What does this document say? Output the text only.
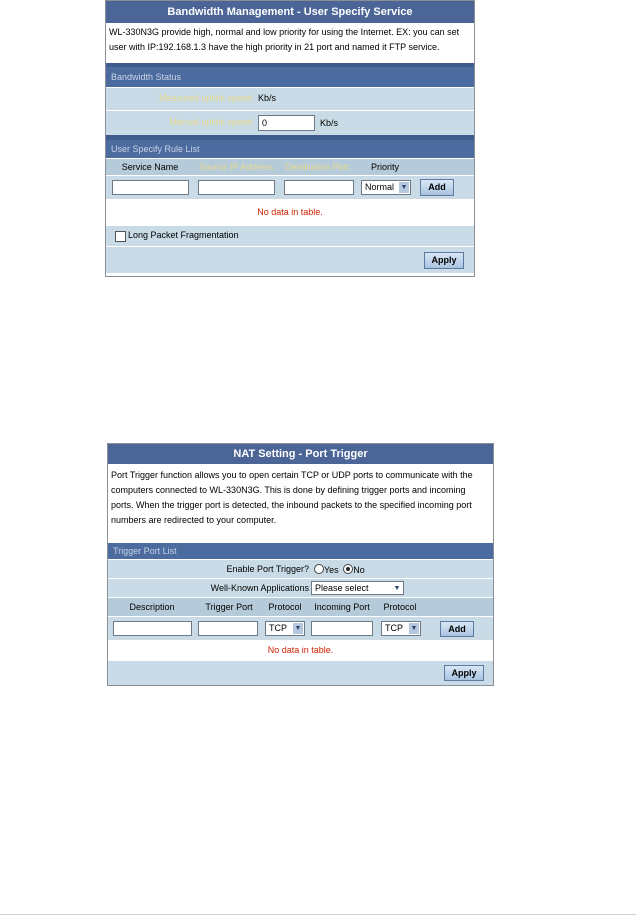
Bandwidth Management - User Specify Service
WL-330N3G provide high, normal and low priority for using the Internet. EX: you can set user with IP:192.168.1.3 have the high priority in 21 port and named it FTP service.
Bandwidth Status
Measured uplink speed Kb/s
Manual uplink speed	0	Kb/s
User Specify Rule List
Service Name	Source IP Address	Destination Port	Priority
Normal ▼	Add
No data in table.
Long Packet Fragmentation
Apply
NAT Setting - Port Trigger
Port Trigger function allows you to open certain TCP or UDP ports to communicate with the computers connected to WL-330N3G. This is done by defining trigger ports and incoming ports. When the trigger port is detected, the inbound packets to the specified incoming port numbers are redirected to your computer.
Trigger Port List
Enable Port Trigger?	Yes No
Well-Known Applications Please select	▼
Description	Trigger Port	Protocol	Incoming Port	Protocol
TCP ▼	TCP ▼	Add
No data in table.
Apply
